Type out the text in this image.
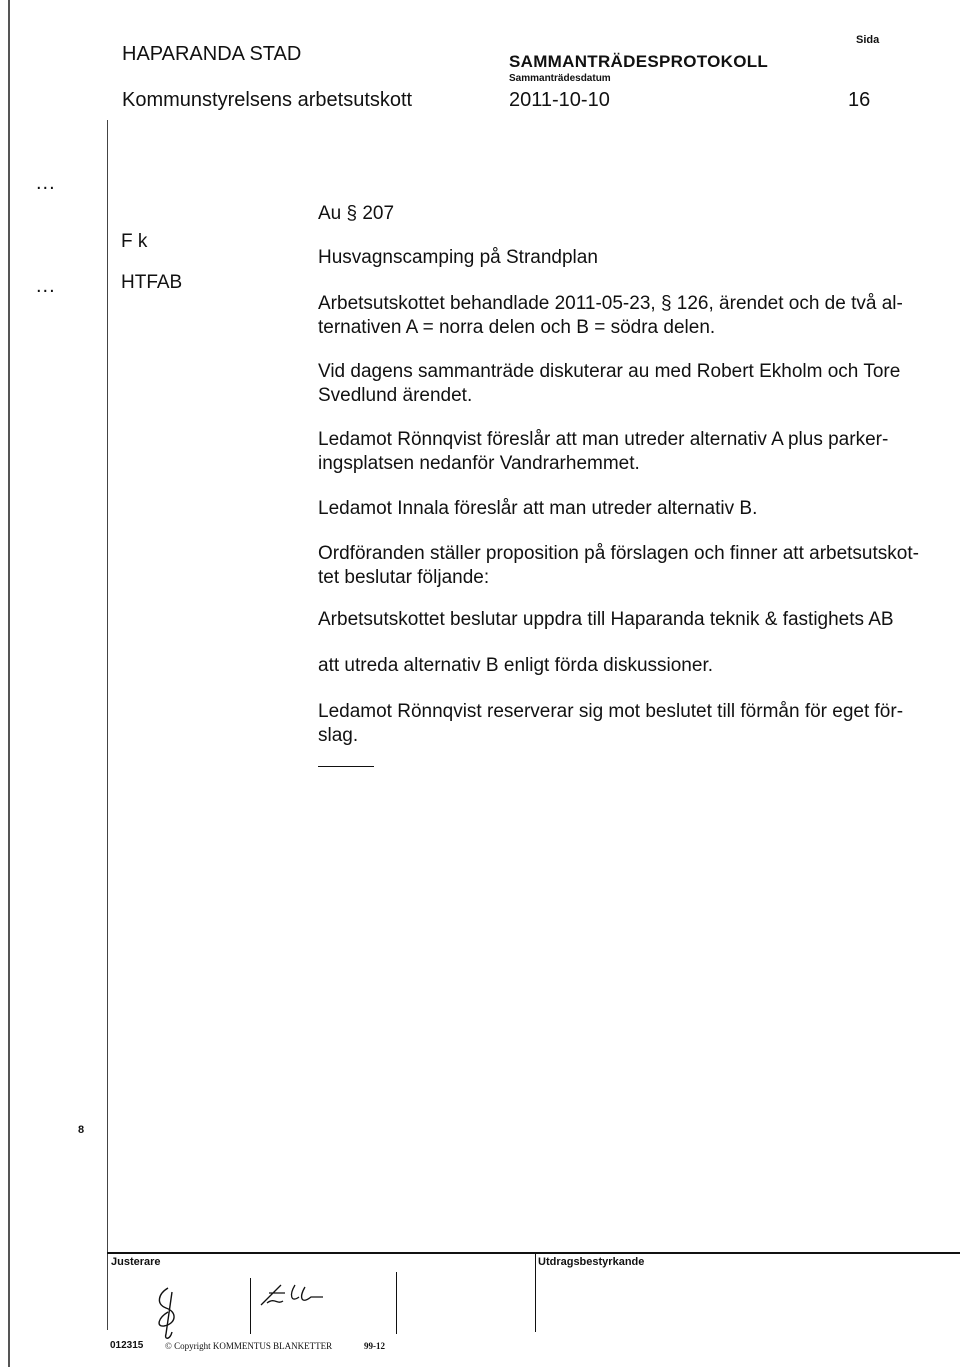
HAPARANDA STAD	SAMMANTRÄDESPROTOKOLL
Sida
Sammanträdesdatum
Kommunstyrelsens arbetsutskott	2011-10-10	16
...
...
F k
HTFAB
Au § 207
Husvagnscamping på Strandplan
Arbetsutskottet behandlade 2011-05-23, § 126, ärendet och de två al-ternativen A = norra delen och B = södra delen.
Vid dagens sammanträde diskuterar au med Robert Ekholm och Tore Svedlund ärendet.
Ledamot Rönnqvist föreslår att man utreder alternativ A plus parker-ingsplatsen nedanför Vandrarhemmet.
Ledamot Innala föreslår att man utreder alternativ B.
Ordföranden ställer proposition på förslagen och finner att arbetsutskot-tet beslutar följande:
Arbetsutskottet beslutar uppdra till Haparanda teknik & fastighets AB
att utreda alternativ B enligt förda diskussioner.
Ledamot Rönnqvist reserverar sig mot beslutet till förmån för eget för-slag.
8
Justerare	Utdragsbestyrkande
012315 © Copyright KOMMENTUS BLANKETTER	99-12
